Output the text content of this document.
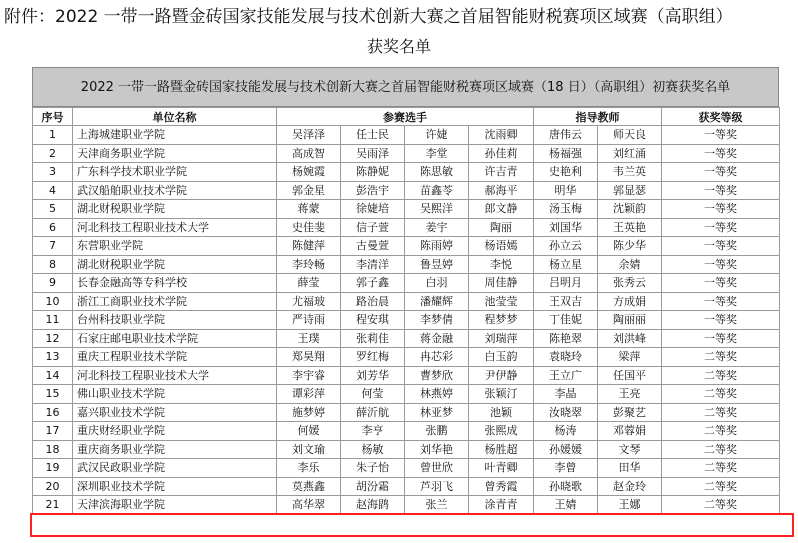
附件：2022 一带一路暨金砖国家技能发展与技术创新大赛之首届智能财税赛项区域赛（高职组）
获奖名单
2022 一带一路暨金砖国家技能发展与技术创新大赛之首届智能财税赛项区域赛（18 日）（高职组）初赛获奖名单
序号	单位名称	参赛选手				指导教师		获奖等级
1	上海城建职业学院	吴泽泽	任士民	许婕	沈雨卿	唐伟云	师天良	一等奖
2	天津商务职业学院	高成智	吴雨泽	李堂	孙佳莉	杨福强	刘红涌	一等奖
3	广东科学技术职业学院	杨婉霞	陈静妮	陈思敏	许吉青	史艳利	韦兰英	一等奖
4	武汉船舶职业技术学院	郭金星	彭浩宇	苗鑫苓	郝海平	明华	郭显瑟	一等奖
5	湖北财税职业学院	蒋蒙	徐婕培	吴熙洋	郎文静	汤玉梅	沈颖韵	一等奖
6	河北科技工程职业技术大学	史佳斐	信子萱	姜宇	陶丽	刘国华	王英艳	一等奖
7	东营职业学院	陈健萍	古曼萱	陈雨婷	杨语嫣	孙立云	陈少华	一等奖
8	湖北财税职业学院	李玲畅	李清洋	鲁昱婷	李悦	杨立星	余婧	一等奖
9	长春金融高等专科学校	薛莹	郭子鑫	白羽	周佳静	吕明月	张秀云	一等奖
10	浙江工商职业技术学院	尤福玻	路治晨	潘耀辉	池莹莹	王双吉	方成娟	一等奖
11	台州科技职业学院	严诗雨	程安琪	李梦倩	程梦梦	丁佳妮	陶丽丽	一等奖
12	石家庄邮电职业技术学院	王璞	张莉佳	蒋金融	刘瑞萍	陈艳翠	刘洪峰	一等奖
13	重庆工程职业技术学院	郑昊翔	罗红梅	冉芯彩	白玉韵	袁晓玲	梁萍	二等奖
14	河北科技工程职业技术大学	李宇睿	刘芳华	曹梦欣	尹伊静	王立广	任国平	二等奖
15	佛山职业技术学院	谭彩萍	何莹	林燕婷	张颖汀	李晶	王亮	二等奖
16	嘉兴职业技术学院	施梦婷	薛沂航	林亚梦	池颖	汝晓翠	彭聚艺	二等奖
17	重庆财经职业学院	何媛	李亨	张鹏	张熙成	杨涛	邓蓉娟	二等奖
18	重庆商务职业学院	刘文瑜	杨敏	刘华艳	杨胜超	孙媛媛	文琴	二等奖
19	武汉民政职业学院	李乐	朱子怡	曾世欣	叶青卿	李曾	田华	二等奖
20	深圳职业技术学院	莫燕鑫	胡汾霜	芦羽飞	曾秀霞	孙晓歌	赵金玲	二等奖
21	天津滨海职业学院	高华翠	赵海鹍	张兰	涂青青	王婧	王娜	二等奖
